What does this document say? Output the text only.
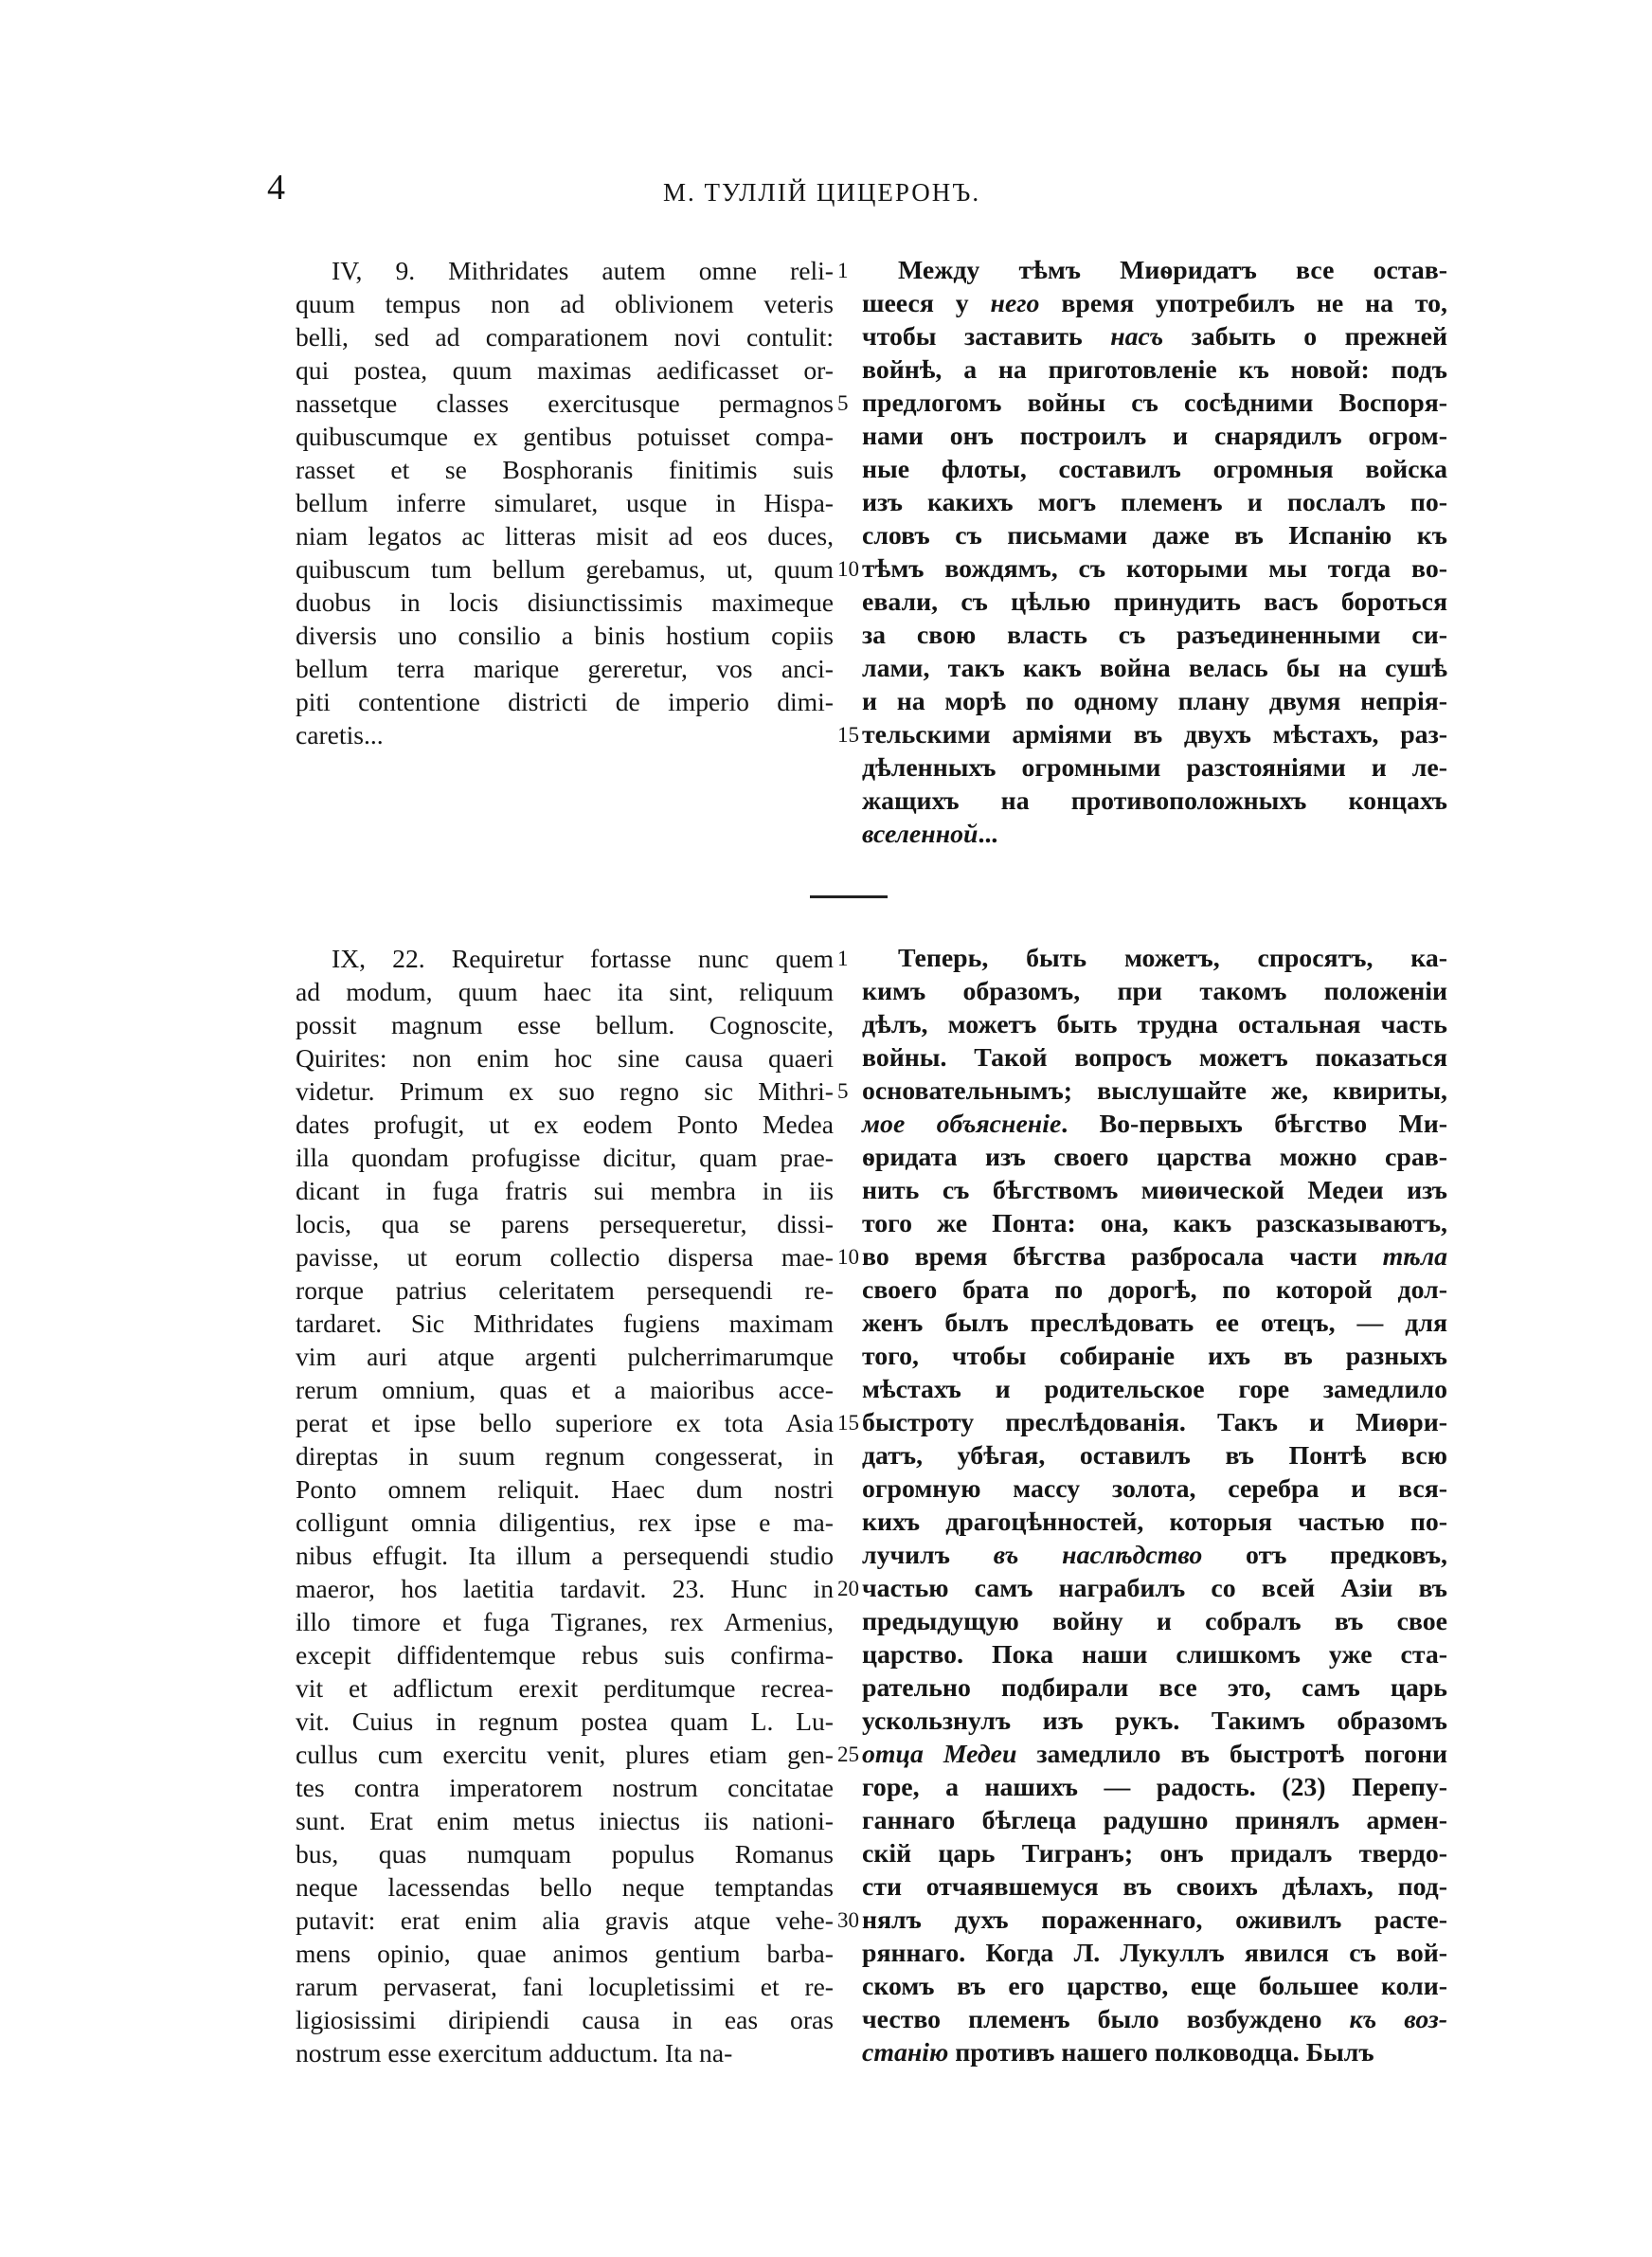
4	М. ТУЛЛІЙ ЦИЦЕРОНЪ.
IV, 9. Mithridates autem omne reli-
quum tempus non ad oblivionem veteris
belli, sed ad comparationem novi contulit:
qui postea, quum maximas aedificasset or-
nassetque classes exercitusque permagnos
quibuscumque ex gentibus potuisset compa-
rasset et se Bosphoranis finitimis suis
bellum inferre simularet, usque in Hispa-
niam legatos ac litteras misit ad eos duces,
quibuscum tum bellum gerebamus, ut, quum
duobus in locis disiunctissimis maximeque
diversis uno consilio a binis hostium copiis
bellum terra marique gereretur, vos anci-
piti contentione districti de imperio dimi-
caretis...
Между тѣмъ Миѳридатъ все остав-
шееся у него время употребилъ не на то,
чтобы заставить насъ забыть о прежней
войнѣ, а на приготовленіе къ новой: подъ
предлогомъ войны съ сосѣдними Воспоря-
нами онъ построилъ и снарядилъ огром-
ные флоты, составилъ огромныя войска
изъ какихъ могъ племенъ и послалъ по-
словъ съ письмами даже въ Испанію къ
тѣмъ вождямъ, съ которыми мы тогда во-
евали, съ цѣлью принудить васъ бороться
за свою власть съ разъединенными си-
лами, такъ какъ война велась бы на сушѣ
и на морѣ по одному плану двумя непрія-
тельскими арміями въ двухъ мѣстахъ, раз-
дѣленныхъ огромными разстояніями и ле-
жащихъ на противоположныхъ концахъ
вселенной...
1
5
10
15
IX, 22. Requiretur fortasse nunc quem
ad modum, quum haec ita sint, reliquum
possit magnum esse bellum. Cognoscite,
Quirites: non enim hoc sine causa quaeri
videtur. Primum ex suo regno sic Mithri-
dates profugit, ut ex eodem Ponto Medea
illa quondam profugisse dicitur, quam prae-
dicant in fuga fratris sui membra in iis
locis, qua se parens persequeretur, dissi-
pavisse, ut eorum collectio dispersa mae-
rorque patrius celeritatem persequendi re-
tardaret. Sic Mithridates fugiens maximam
vim auri atque argenti pulcherrimarumque
rerum omnium, quas et a maioribus acce-
perat et ipse bello superiore ex tota Asia
direptas in suum regnum congesserat, in
Ponto omnem reliquit. Haec dum nostri
colligunt omnia diligentius, rex ipse e ma-
nibus effugit. Ita illum a persequendi studio
maeror, hos laetitia tardavit. 23. Hunc in
illo timore et fuga Tigranes, rex Armenius,
excepit diffidentemque rebus suis confirma-
vit et adflictum erexit perditumque recrea-
vit. Cuius in regnum postea quam L. Lu-
cullus cum exercitu venit, plures etiam gen-
tes contra imperatorem nostrum concitatae
sunt. Erat enim metus iniectus iis nationi-
bus, quas numquam populus Romanus
neque lacessendas bello neque temptandas
putavit: erat enim alia gravis atque vehe-
mens opinio, quae animos gentium barba-
rarum pervaserat, fani locupletissimi et re-
ligiosissimi diripiendi causa in eas oras
nostrum esse exercitum adductum. Ita na-
Теперь, быть можетъ, спросятъ, ка-
кимъ образомъ, при такомъ положеніи
дѣлъ, можетъ быть трудна остальная часть
войны. Такой вопросъ можетъ показаться
основательнымъ; выслушайте же, квириты,
мое объясненіе. Во-первыхъ бѣгство Ми-
ѳридата изъ своего царства можно срав-
нить съ бѣгствомъ миѳической Медеи изъ
того же Понта: она, какъ разсказываютъ,
во время бѣгства разбросала части тѣла
своего брата по дорогѣ, по которой дол-
женъ былъ преслѣдовать ее отецъ, — для
того, чтобы собираніе ихъ въ разныхъ
мѣстахъ и родительское горе замедлило
быстроту преслѣдованія. Такъ и Миѳри-
датъ, убѣгая, оставилъ въ Понтѣ всю
огромную массу золота, серебра и вся-
кихъ драгоцѣнностей, которыя частью по-
лучилъ въ наслѣдство отъ предковъ,
частью самъ награбилъ со всей Азіи въ
предыдущую войну и собралъ въ свое
царство. Пока наши слишкомъ уже ста-
рательно подбирали все это, самъ царь
ускользнулъ изъ рукъ. Такимъ образомъ
отца Медеи замедлило въ быстротѣ погони
горе, а нашихъ — радость. (23) Перепу-
ганнаго бѣглеца радушно принялъ армен-
скій царь Тигранъ; онъ придалъ твердо-
сти отчаявшемуся въ своихъ дѣлахъ, под-
нялъ духъ пораженнаго, оживилъ расте-
ряннаго. Когда Л. Лукуллъ явился съ вой-
скомъ въ его царство, еще большее коли-
чество племенъ было возбуждено къ воз-
станію противъ нашего полководца. Былъ
1
5
10
15
20
25
30
